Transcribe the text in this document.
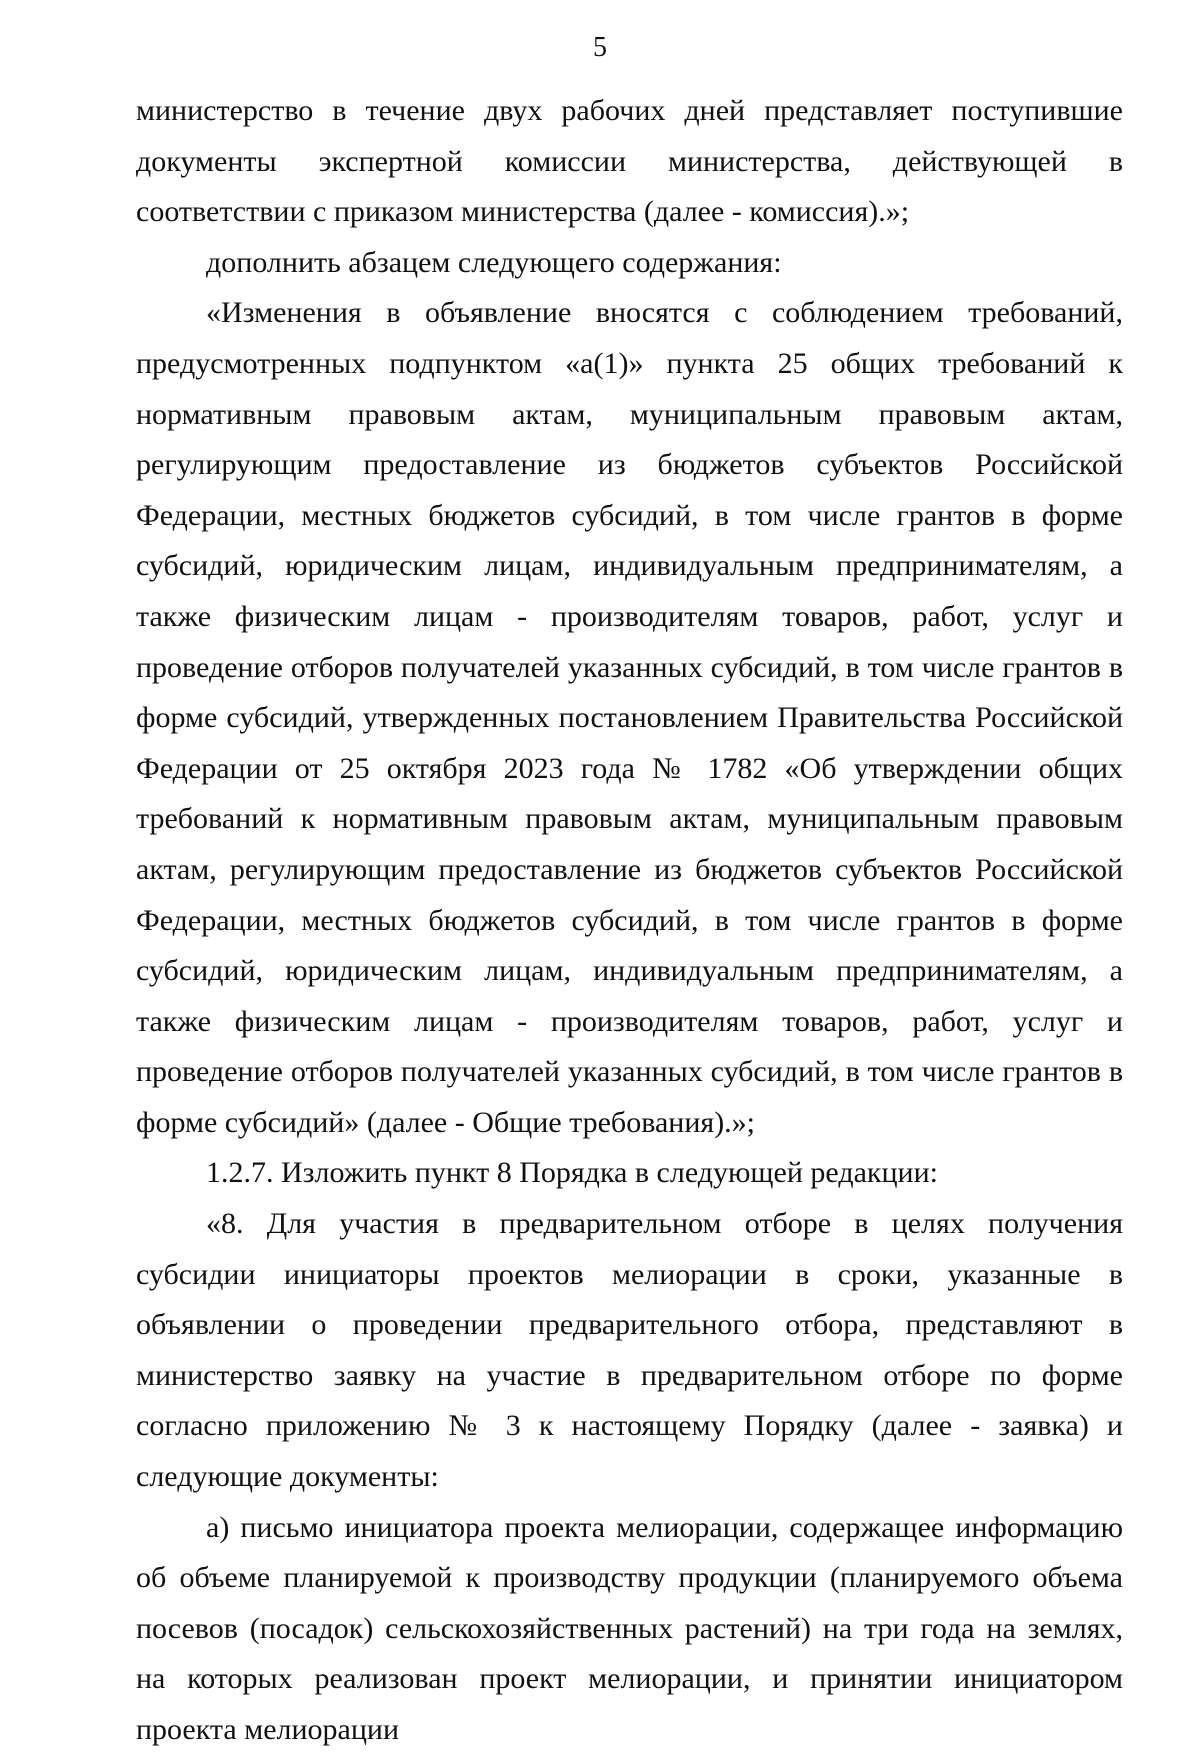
5

министерство в течение двух рабочих дней представляет поступившие документы экспертной комиссии министерства, действующей в соответствии с приказом министерства (далее - комиссия).»;

дополнить абзацем следующего содержания:

«Изменения в объявление вносятся с соблюдением требований, предусмотренных подпунктом «а(1)» пункта 25 общих требований к нормативным правовым актам, муниципальным правовым актам, регулирующим предоставление из бюджетов субъектов Российской Федерации, местных бюджетов субсидий, в том числе грантов в форме субсидий, юридическим лицам, индивидуальным предпринимателям, а также физическим лицам - производителям товаров, работ, услуг и проведение отборов получателей указанных субсидий, в том числе грантов в форме субсидий, утвержденных постановлением Правительства Российской Федерации от 25 октября 2023 года № 1782 «Об утверждении общих требований к нормативным правовым актам, муниципальным правовым актам, регулирующим предоставление из бюджетов субъектов Российской Федерации, местных бюджетов субсидий, в том числе грантов в форме субсидий, юридическим лицам, индивидуальным предпринимателям, а также физическим лицам - производителям товаров, работ, услуг и проведение отборов получателей указанных субсидий, в том числе грантов в форме субсидий» (далее - Общие требования).»;

1.2.7. Изложить пункт 8 Порядка в следующей редакции:

«8. Для участия в предварительном отборе в целях получения субсидии инициаторы проектов мелиорации в сроки, указанные в объявлении о проведении предварительного отбора, представляют в министерство заявку на участие в предварительном отборе по форме согласно приложению № 3 к настоящему Порядку (далее - заявка) и следующие документы:

а) письмо инициатора проекта мелиорации, содержащее информацию об объеме планируемой к производству продукции (планируемого объема посевов (посадок) сельскохозяйственных растений) на три года на землях, на которых реализован проект мелиорации, и принятии инициатором проекта мелиорации
